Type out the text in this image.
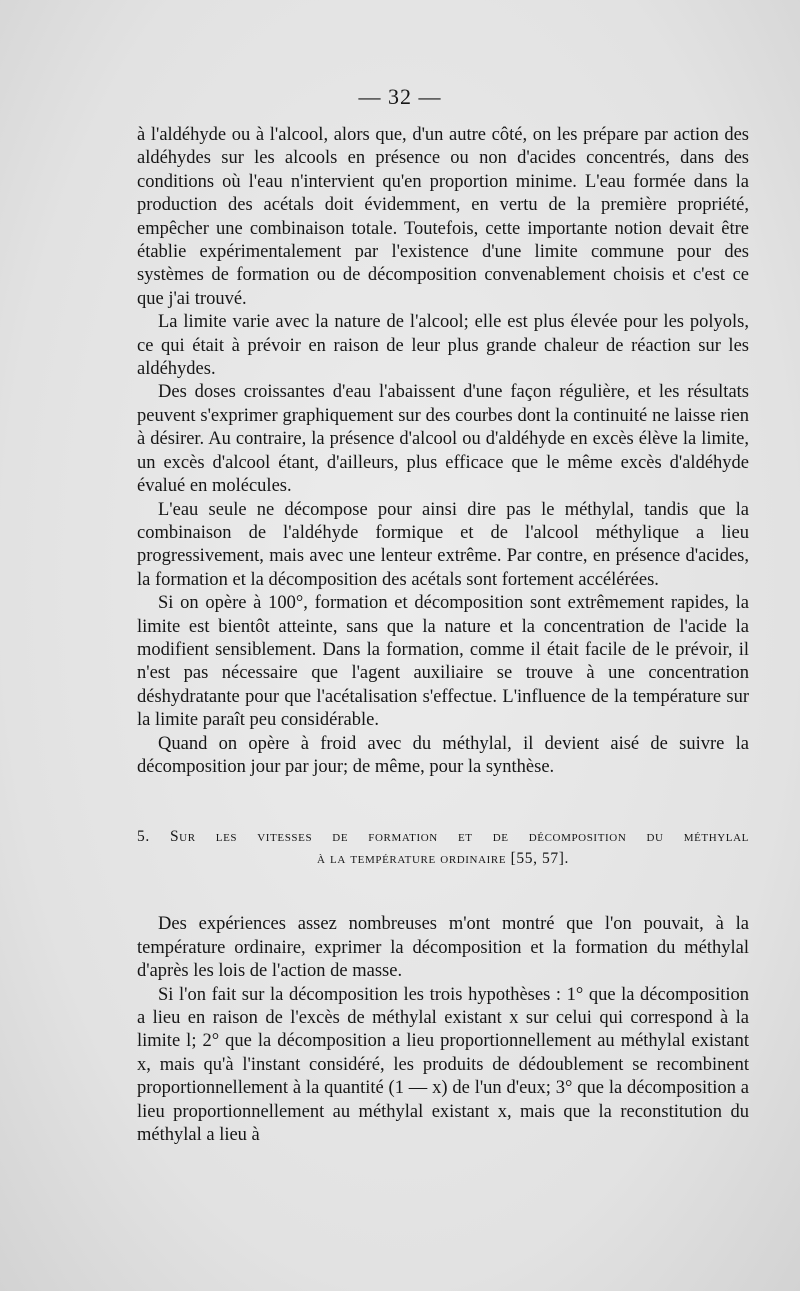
— 32 —

à l'aldéhyde ou à l'alcool, alors que, d'un autre côté, on les prépare par action des aldéhydes sur les alcools en présence ou non d'acides concentrés, dans des conditions où l'eau n'intervient qu'en proportion minime. L'eau formée dans la production des acétals doit évidemment, en vertu de la première propriété, empêcher une combinaison totale. Toutefois, cette importante notion devait être établie expérimentalement par l'existence d'une limite commune pour des systèmes de formation ou de décomposition convenablement choisis et c'est ce que j'ai trouvé.

La limite varie avec la nature de l'alcool; elle est plus élevée pour les polyols, ce qui était à prévoir en raison de leur plus grande chaleur de réaction sur les aldéhydes.

Des doses croissantes d'eau l'abaissent d'une façon régulière, et les résultats peuvent s'exprimer graphiquement sur des courbes dont la continuité ne laisse rien à désirer. Au contraire, la présence d'alcool ou d'aldéhyde en excès élève la limite, un excès d'alcool étant, d'ailleurs, plus efficace que le même excès d'aldéhyde évalué en molécules.

L'eau seule ne décompose pour ainsi dire pas le méthylal, tandis que la combinaison de l'aldéhyde formique et de l'alcool méthylique a lieu progressivement, mais avec une lenteur extrême. Par contre, en présence d'acides, la formation et la décomposition des acétals sont fortement accélérées.

Si on opère à 100°, formation et décomposition sont extrêmement rapides, la limite est bientôt atteinte, sans que la nature et la concentration de l'acide la modifient sensiblement. Dans la formation, comme il était facile de le prévoir, il n'est pas nécessaire que l'agent auxiliaire se trouve à une concentration déshydratante pour que l'acétalisation s'effectue. L'influence de la température sur la limite paraît peu considérable.

Quand on opère à froid avec du méthylal, il devient aisé de suivre la décomposition jour par jour; de même, pour la synthèse.

5. Sur les vitesses de formation et de décomposition du méthylal
à la température ordinaire [55, 57].

Des expériences assez nombreuses m'ont montré que l'on pouvait, à la température ordinaire, exprimer la décomposition et la formation du méthylal d'après les lois de l'action de masse.

Si l'on fait sur la décomposition les trois hypothèses : 1° que la décomposition a lieu en raison de l'excès de méthylal existant x sur celui qui correspond à la limite l; 2° que la décomposition a lieu proportionnellement au méthylal existant x, mais qu'à l'instant considéré, les produits de dédoublement se recombinent proportionnellement à la quantité (1 — x) de l'un d'eux; 3° que la décomposition a lieu proportionnellement au méthylal existant x, mais que la reconstitution du méthylal a lieu à
